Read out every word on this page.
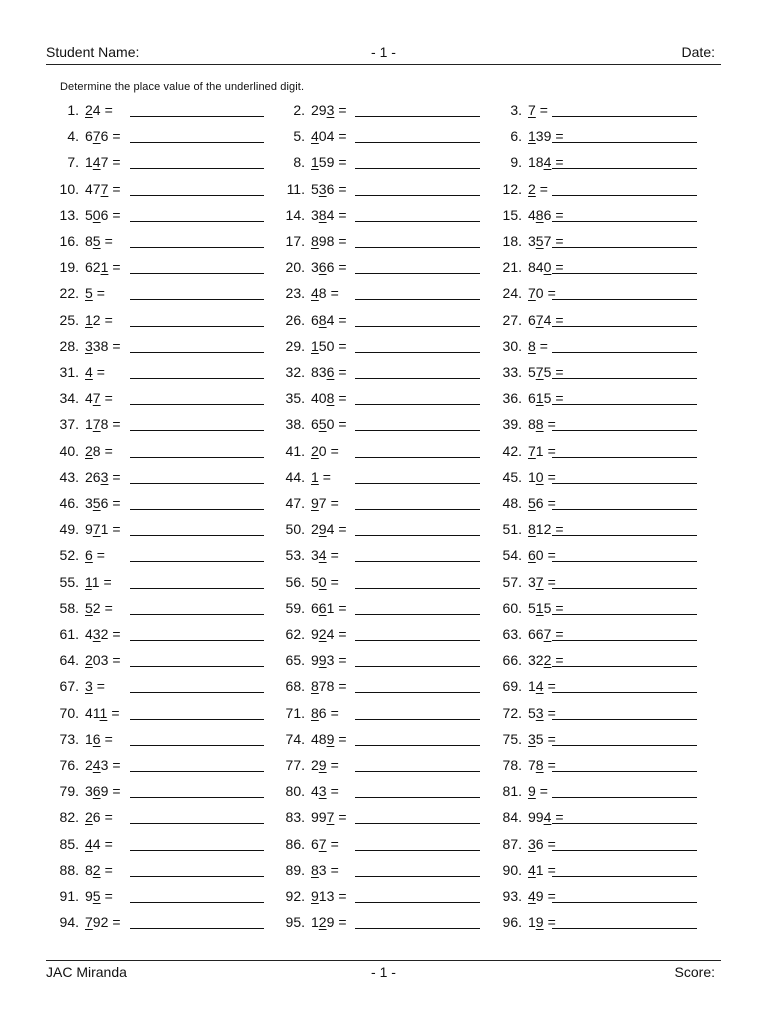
Student Name:	- 1 -	Date:
Determine the place value of the underlined digit.
1. 24 =	2. 293 =	3. 7 =
4. 676 =	5. 404 =	6. 139 =
7. 147 =	8. 159 =	9. 184 =
10. 477 =	11. 536 =	12. 2 =
13. 506 =	14. 384 =	15. 486 =
16. 85 =	17. 898 =	18. 357 =
19. 621 =	20. 366 =	21. 840 =
22. 5 =	23. 48 =	24. 70 =
25. 12 =	26. 684 =	27. 674 =
28. 338 =	29. 150 =	30. 8 =
31. 4 =	32. 836 =	33. 575 =
34. 47 =	35. 408 =	36. 615 =
37. 178 =	38. 650 =	39. 88 =
40. 28 =	41. 20 =	42. 71 =
43. 263 =	44. 1 =	45. 10 =
46. 356 =	47. 97 =	48. 56 =
49. 971 =	50. 294 =	51. 812 =
52. 6 =	53. 34 =	54. 60 =
55. 11 =	56. 50 =	57. 37 =
58. 52 =	59. 661 =	60. 515 =
61. 432 =	62. 924 =	63. 667 =
64. 203 =	65. 993 =	66. 322 =
67. 3 =	68. 878 =	69. 14 =
70. 411 =	71. 86 =	72. 53 =
73. 16 =	74. 489 =	75. 35 =
76. 243 =	77. 29 =	78. 78 =
79. 369 =	80. 43 =	81. 9 =
82. 26 =	83. 997 =	84. 994 =
85. 44 =	86. 67 =	87. 36 =
88. 82 =	89. 83 =	90. 41 =
91. 95 =	92. 913 =	93. 49 =
94. 792 =	95. 129 =	96. 19 =
JAC Miranda	- 1 -	Score:
